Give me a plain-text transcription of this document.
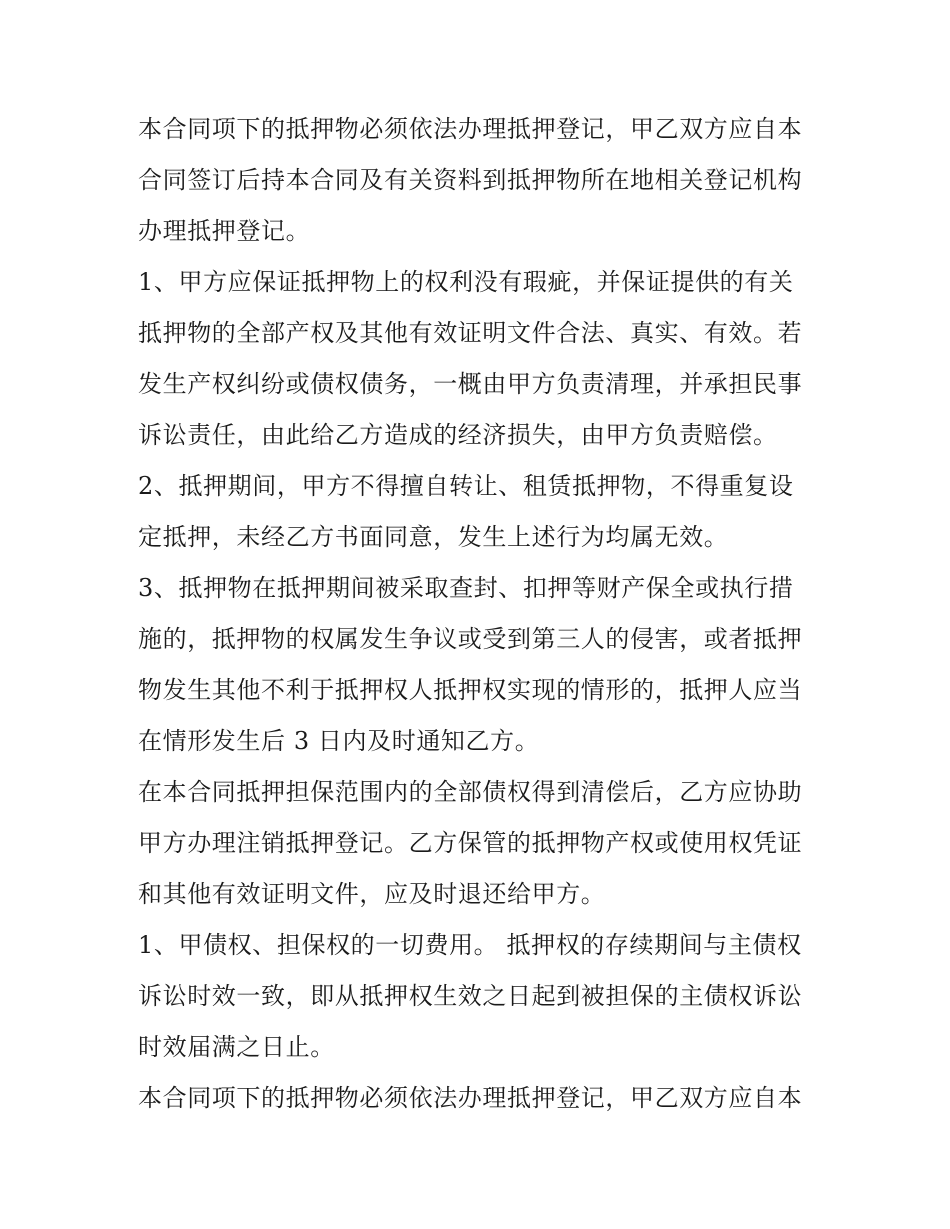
本合同项下的抵押物必须依法办理抵押登记，甲乙双方应自本
合同签订后持本合同及有关资料到抵押物所在地相关登记机构
办理抵押登记。
1、甲方应保证抵押物上的权利没有瑕疵，并保证提供的有关
抵押物的全部产权及其他有效证明文件合法、真实、有效。若
发生产权纠纷或债权债务，一概由甲方负责清理，并承担民事
诉讼责任，由此给乙方造成的经济损失，由甲方负责赔偿。
2、抵押期间，甲方不得擅自转让、租赁抵押物，不得重复设
定抵押，未经乙方书面同意，发生上述行为均属无效。
3、抵押物在抵押期间被采取查封、扣押等财产保全或执行措
施的，抵押物的权属发生争议或受到第三人的侵害，或者抵押
物发生其他不利于抵押权人抵押权实现的情形的，抵押人应当
在情形发生后 3 日内及时通知乙方。
在本合同抵押担保范围内的全部债权得到清偿后，乙方应协助
甲方办理注销抵押登记。乙方保管的抵押物产权或使用权凭证
和其他有效证明文件，应及时退还给甲方。
1、甲债权、担保权的一切费用。 抵押权的存续期间与主债权
诉讼时效一致，即从抵押权生效之日起到被担保的主债权诉讼
时效届满之日止。
本合同项下的抵押物必须依法办理抵押登记，甲乙双方应自本
